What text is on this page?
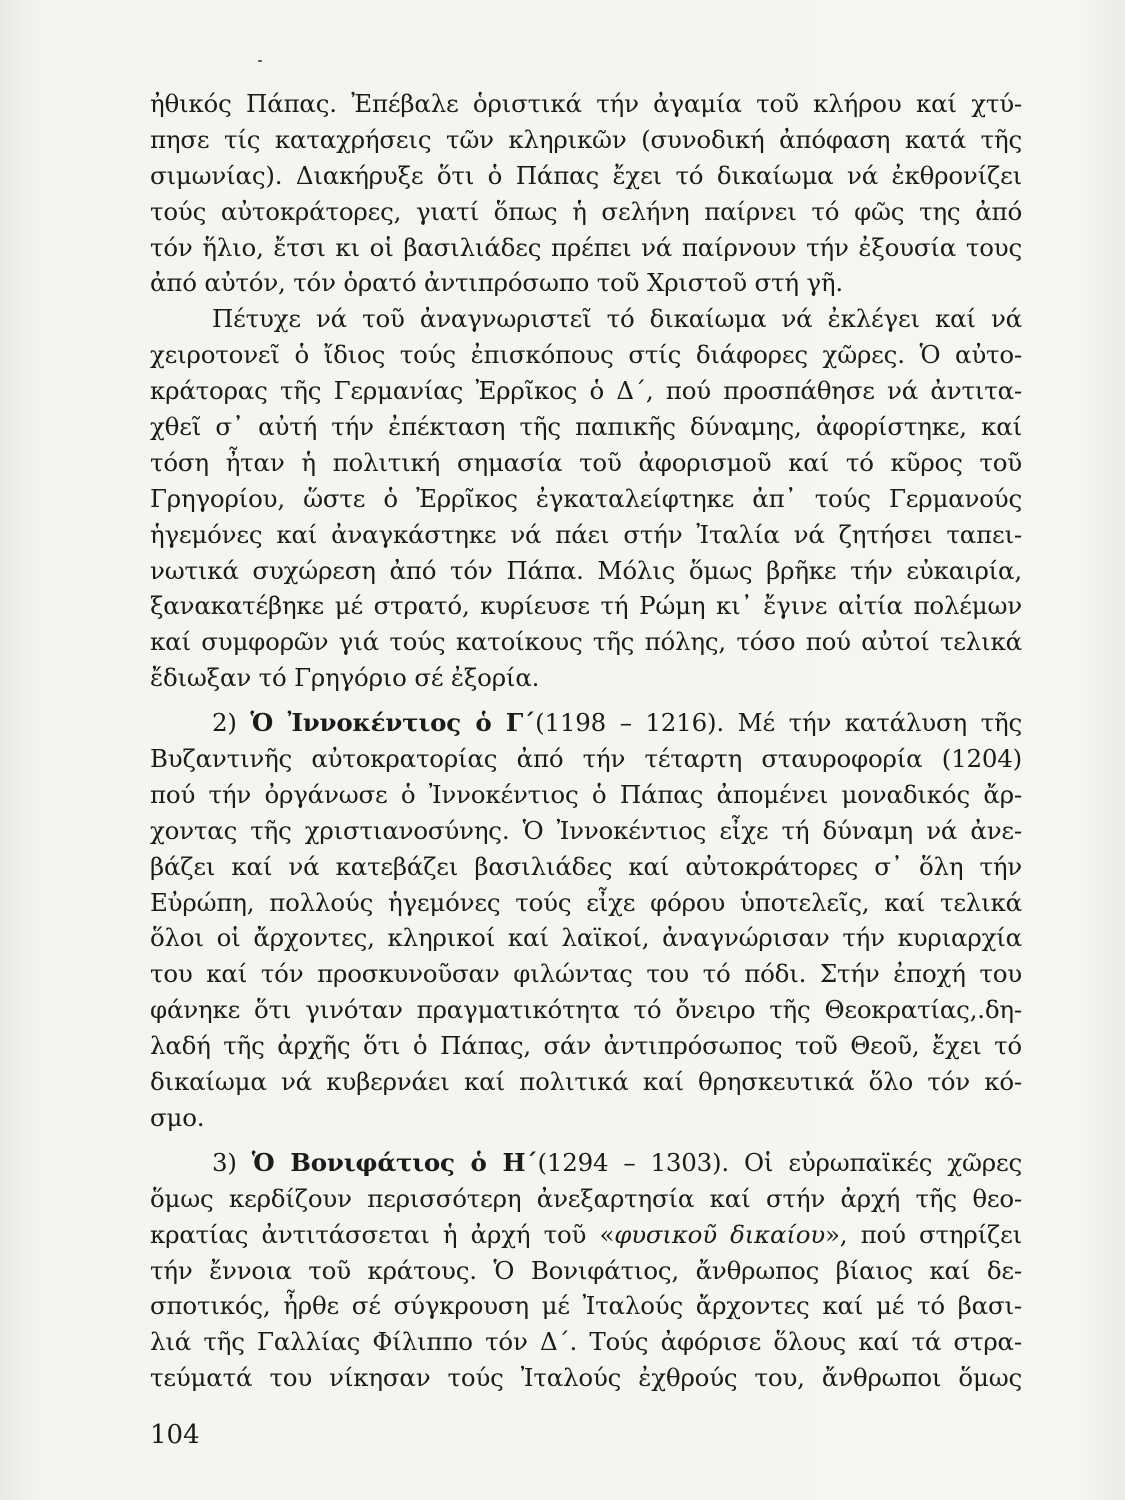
ἠθικός Πάπας. Ἐπέβαλε ὁριστικά τήν ἀγαμία τοῦ κλήρου καί χτύ-
πησε τίς καταχρήσεις τῶν κληρικῶν (συνοδική ἀπόφαση κατά τῆς
σιμωνίας). Διακήρυξε ὅτι ὁ Πάπας ἔχει τό δικαίωμα νά ἐκθρονίζει
τούς αὐτοκράτορες, γιατί ὅπως ἡ σελήνη παίρνει τό φῶς της ἀπό
τόν ἥλιο, ἔτσι κι οἱ βασιλιάδες πρέπει νά παίρνουν τήν ἐξουσία τους
ἀπό αὐτόν, τόν ὁρατό ἀντιπρόσωπο τοῦ Χριστοῦ στή γῆ.
Πέτυχε νά τοῦ ἀναγνωριστεῖ τό δικαίωμα νά ἐκλέγει καί νά
χειροτονεῖ ὁ ἴδιος τούς ἐπισκόπους στίς διάφορες χῶρες. Ὁ αὐτο-
κράτορας τῆς Γερμανίας Ἐρρῖκος ὁ Δ΄, πού προσπάθησε νά ἀντιτα-
χθεῖ σ᾽ αὐτή τήν ἐπέκταση τῆς παπικῆς δύναμης, ἀφορίστηκε, καί
τόση ἦταν ἡ πολιτική σημασία τοῦ ἀφορισμοῦ καί τό κῦρος τοῦ
Γρηγορίου, ὥστε ὁ Ἐρρῖκος ἐγκαταλείφτηκε ἀπ᾽ τούς Γερμανούς
ἡγεμόνες καί ἀναγκάστηκε νά πάει στήν Ἰταλία νά ζητήσει ταπει-
νωτικά συχώρεση ἀπό τόν Πάπα. Μόλις ὅμως βρῆκε τήν εὐκαιρία,
ξανακατέβηκε μέ στρατό, κυρίευσε τή Ρώμη κι᾽ ἔγινε αἰτία πολέμων
καί συμφορῶν γιά τούς κατοίκους τῆς πόλης, τόσο πού αὐτοί τελικά
ἔδιωξαν τό Γρηγόριο σέ ἐξορία.
2) Ὁ Ἰννοκέντιος ὁ Γ΄(1198 – 1216). Μέ τήν κατάλυση τῆς
Βυζαντινῆς αὐτοκρατορίας ἀπό τήν τέταρτη σταυροφορία (1204)
πού τήν ὀργάνωσε ὁ Ἰννοκέντιος ὁ Πάπας ἀπομένει μοναδικός ἄρ-
χοντας τῆς χριστιανοσύνης. Ὁ Ἰννοκέντιος εἶχε τή δύναμη νά ἀνε-
βάζει καί νά κατεβάζει βασιλιάδες καί αὐτοκράτορες σ᾽ ὅλη τήν
Εὐρώπη, πολλούς ἡγεμόνες τούς εἶχε φόρου ὑποτελεῖς, καί τελικά
ὅλοι οἱ ἄρχοντες, κληρικοί καί λαϊκοί, ἀναγνώρισαν τήν κυριαρχία
του καί τόν προσκυνοῦσαν φιλώντας του τό πόδι. Στήν ἐποχή του
φάνηκε ὅτι γινόταν πραγματικότητα τό ὄνειρο τῆς Θεοκρατίας,.δη-
λαδή τῆς ἀρχῆς ὅτι ὁ Πάπας, σάν ἀντιπρόσωπος τοῦ Θεοῦ, ἔχει τό
δικαίωμα νά κυβερνάει καί πολιτικά καί θρησκευτικά ὅλο τόν κό-
σμο.
3) Ὁ Βονιφάτιος ὁ Η΄(1294 – 1303). Οἱ εὐρωπαϊκές χῶρες
ὅμως κερδίζουν περισσότερη ἀνεξαρτησία καί στήν ἀρχή τῆς θεο-
κρατίας ἀντιτάσσεται ἡ ἀρχή τοῦ «φυσικοῦ δικαίου», πού στηρίζει
τήν ἔννοια τοῦ κράτους. Ὁ Βονιφάτιος, ἄνθρωπος βίαιος καί δε-
σποτικός, ἦρθε σέ σύγκρουση μέ Ἰταλούς ἄρχοντες καί μέ τό βασι-
λιά τῆς Γαλλίας Φίλιππο τόν Δ΄. Τούς ἀφόρισε ὅλους καί τά στρα-
τεύματά του νίκησαν τούς Ἰταλούς ἐχθρούς του, ἄνθρωποι ὅμως
104
